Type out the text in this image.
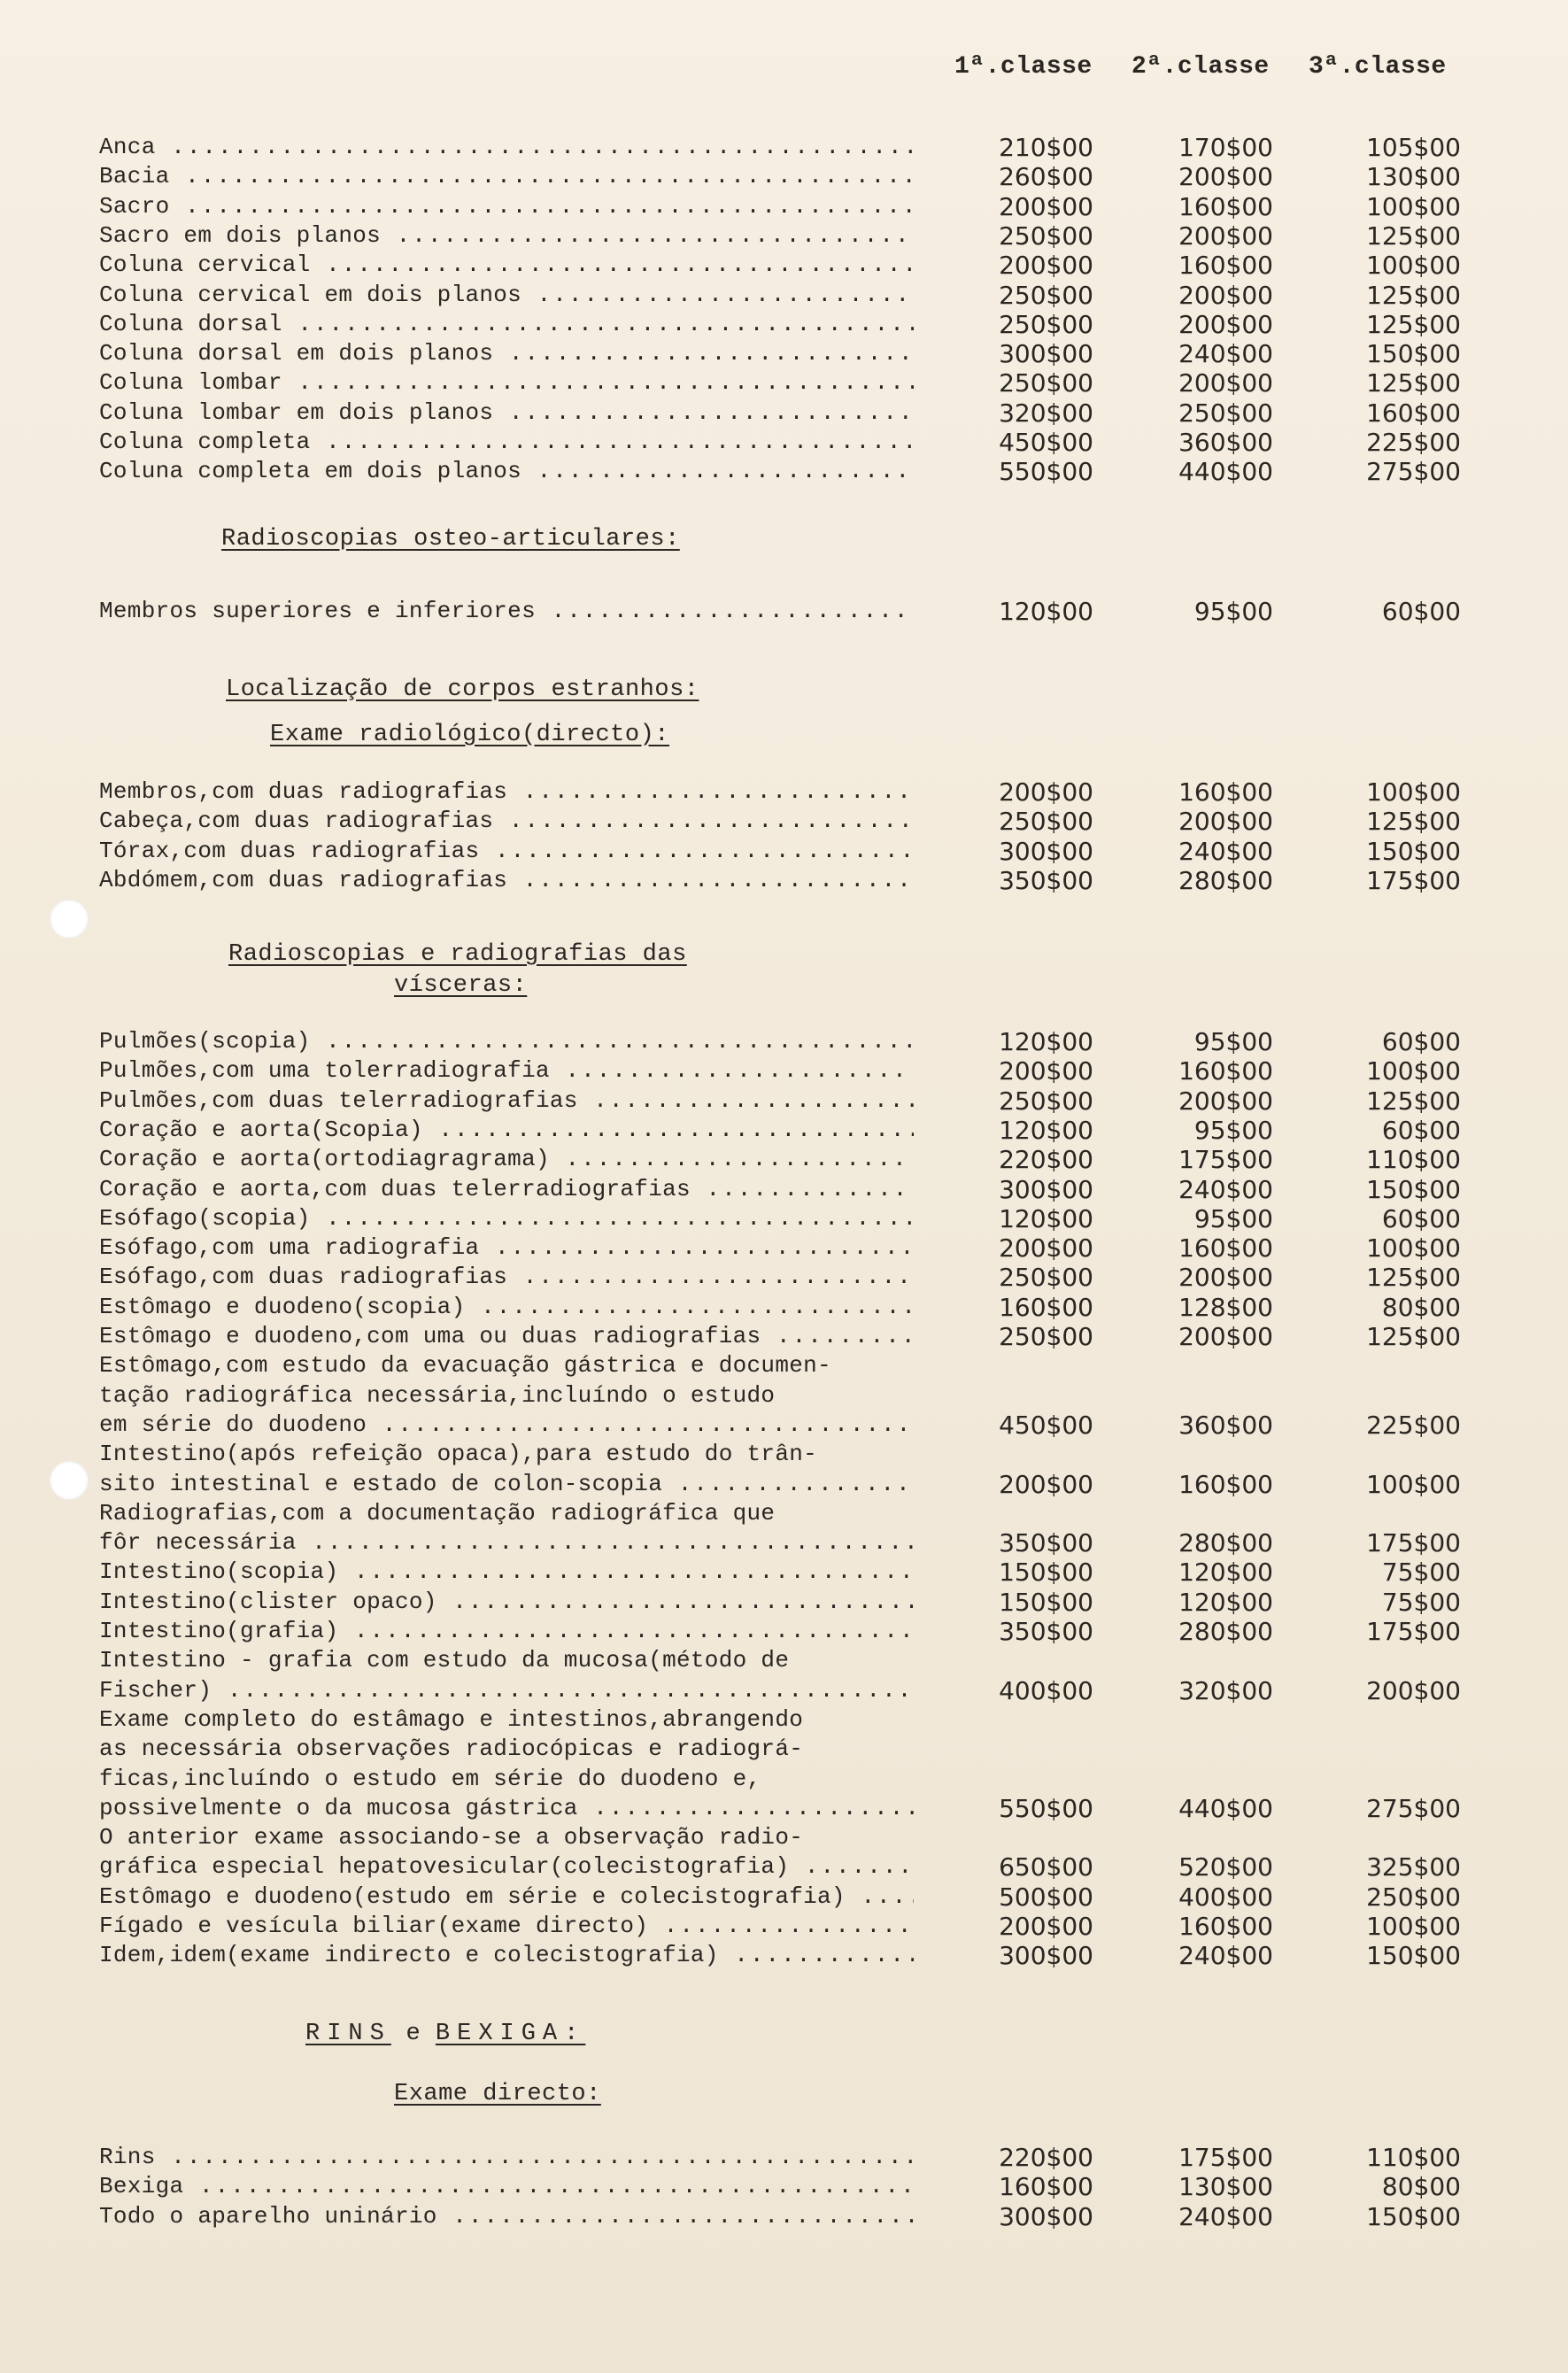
1ª.classe 2ª.classe 3ª.classe
Radioscopias osteo-articulares:
Localização de corpos estranhos:
Exame radiológico(directo):
Radioscopias e radiografias das
vísceras:
RINS e BEXIGA:
Exame directo:
Anca .....	210$00	170$00	105$00
Bacia .....	260$00	200$00	130$00
Sacro .....	200$00	160$00	100$00
Sacro em dois planos .....	250$00	200$00	125$00
Coluna cervical .....	200$00	160$00	100$00
Coluna cervical em dois planos .....	250$00	200$00	125$00
Coluna dorsal .....	250$00	200$00	125$00
Coluna dorsal em dois planos .....	300$00	240$00	150$00
Coluna lombar .....	250$00	200$00	125$00
Coluna lombar em dois planos .....	320$00	250$00	160$00
Coluna completa .....	450$00	360$00	225$00
Coluna completa em dois planos .....	550$00	440$00	275$00
Membros superiores e inferiores .....	120$00	95$00	60$00
Membros,com duas radiografias .....	200$00	160$00	100$00
Cabeça,com duas radiografias .....	250$00	200$00	125$00
Tórax,com duas radiografias .....	300$00	240$00	150$00
Abdómem,com duas radiografias .....	350$00	280$00	175$00
Pulmões(scopia) .....	120$00	95$00	60$00
Pulmões,com uma tolerradiografia .....	200$00	160$00	100$00
Pulmões,com duas telerradiografias .....	250$00	200$00	125$00
Coração e aorta(Scopia) .....	120$00	95$00	60$00
Coração e aorta(ortodiagragrama) .....	220$00	175$00	110$00
Coração e aorta,com duas telerradiografias .....	300$00	240$00	150$00
Esófago(scopia) .....	120$00	95$00	60$00
Esófago,com uma radiografia .....	200$00	160$00	100$00
Esófago,com duas radiografias .....	250$00	200$00	125$00
Estômago e duodeno(scopia) .....	160$00	128$00	80$00
Estômago e duodeno,com uma ou duas radiografias .....	250$00	200$00	125$00
Estômago,com estudo da evacuação gástrica e documen-
tação radiográfica necessária,incluíndo o estudo
em série do duodeno .....	450$00	360$00	225$00
Intestino(após refeição opaca),para estudo do trân-
sito intestinal e estado de colon-scopia .....	200$00	160$00	100$00
Radiografias,com a documentação radiográfica que
fôr necessária .....	350$00	280$00	175$00
Intestino(scopia) .....	150$00	120$00	75$00
Intestino(clister opaco) .....	150$00	120$00	75$00
Intestino(grafia) .....	350$00	280$00	175$00
Intestino - grafia com estudo da mucosa(método de
Fischer) .....	400$00	320$00	200$00
Exame completo do estâmago e intestinos,abrangendo
as necessária observações radiocópicas e radiográ-
ficas,incluíndo o estudo em série do duodeno e,
possivelmente o da mucosa gástrica .....	550$00	440$00	275$00
O anterior exame associando-se a observação radio-
gráfica especial hepatovesicular(colecistografia) .....	650$00	520$00	325$00
Estômago e duodeno(estudo em série e colecistografia) .....	500$00	400$00	250$00
Fígado e vesícula biliar(exame directo) .....	200$00	160$00	100$00
Idem,idem(exame indirecto e colecistografia) .....	300$00	240$00	150$00
Rins .....	220$00	175$00	110$00
Bexiga .....	160$00	130$00	80$00
Todo o aparelho uninário .....	300$00	240$00	150$00
